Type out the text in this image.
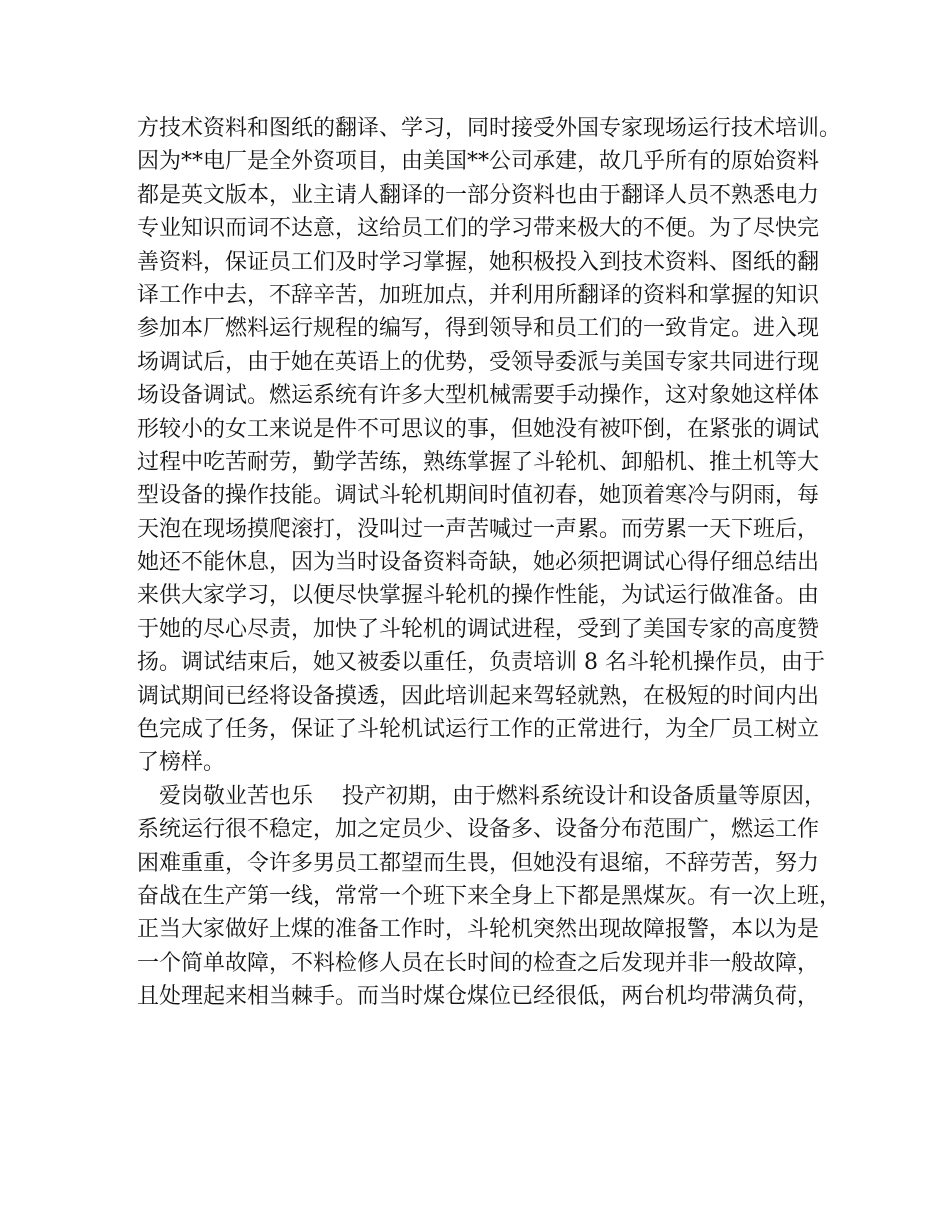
方技术资料和图纸的翻译、学习，同时接受外国专家现场运行技术培训。
因为**电厂是全外资项目，由美国**公司承建，故几乎所有的原始资料
都是英文版本，业主请人翻译的一部分资料也由于翻译人员不熟悉电力
专业知识而词不达意，这给员工们的学习带来极大的不便。为了尽快完
善资料，保证员工们及时学习掌握，她积极投入到技术资料、图纸的翻
译工作中去，不辞辛苦，加班加点，并利用所翻译的资料和掌握的知识
参加本厂燃料运行规程的编写，得到领导和员工们的一致肯定。进入现
场调试后，由于她在英语上的优势，受领导委派与美国专家共同进行现
场设备调试。燃运系统有许多大型机械需要手动操作，这对象她这样体
形较小的女工来说是件不可思议的事，但她没有被吓倒，在紧张的调试
过程中吃苦耐劳，勤学苦练，熟练掌握了斗轮机、卸船机、推土机等大
型设备的操作技能。调试斗轮机期间时值初春，她顶着寒冷与阴雨，每
天泡在现场摸爬滚打，没叫过一声苦喊过一声累。而劳累一天下班后，
她还不能休息，因为当时设备资料奇缺，她必须把调试心得仔细总结出
来供大家学习，以便尽快掌握斗轮机的操作性能，为试运行做准备。由
于她的尽心尽责，加快了斗轮机的调试进程，受到了美国专家的高度赞
扬。调试结束后，她又被委以重任，负责培训 8 名斗轮机操作员，由于
调试期间已经将设备摸透，因此培训起来驾轻就熟，在极短的时间内出
色完成了任务，保证了斗轮机试运行工作的正常进行，为全厂员工树立
了榜样。
　爱岗敬业苦也乐　 投产初期，由于燃料系统设计和设备质量等原因，
系统运行很不稳定，加之定员少、设备多、设备分布范围广，燃运工作
困难重重，令许多男员工都望而生畏，但她没有退缩，不辞劳苦，努力
奋战在生产第一线，常常一个班下来全身上下都是黑煤灰。有一次上班，
正当大家做好上煤的准备工作时，斗轮机突然出现故障报警，本以为是
一个简单故障，不料检修人员在长时间的检查之后发现并非一般故障，
且处理起来相当棘手。而当时煤仓煤位已经很低，两台机均带满负荷，
